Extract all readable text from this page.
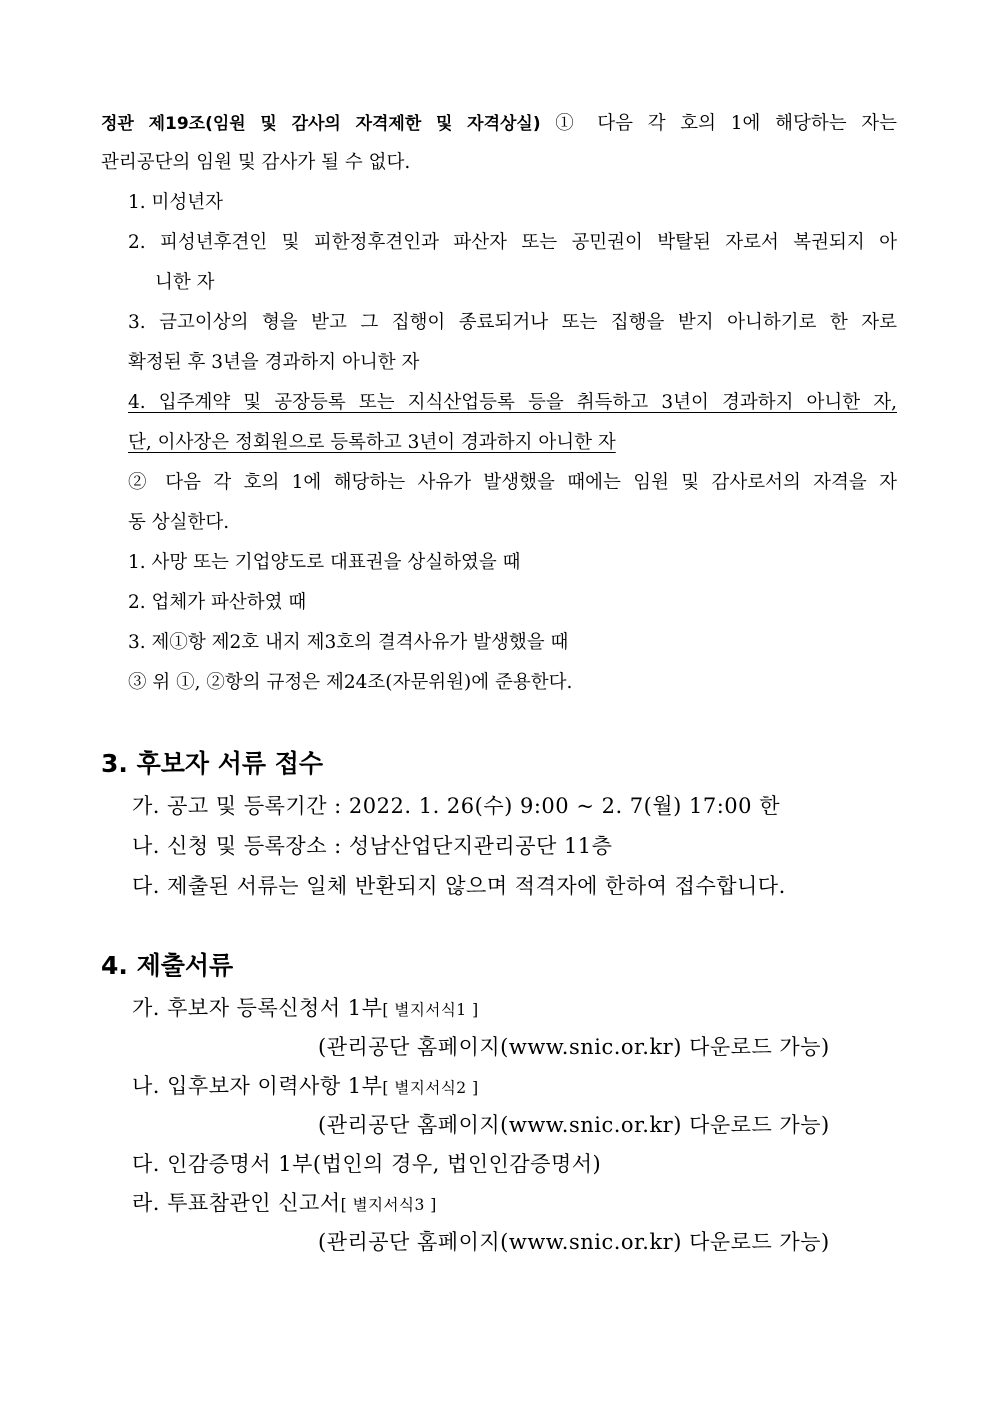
정관 제19조(임원 및 감사의 자격제한 및 자격상실) ① 다음 각 호의 1에 해당하는 자는
관리공단의 임원 및 감사가 될 수 없다.
1. 미성년자
2. 피성년후견인 및 피한정후견인과 파산자 또는 공민권이 박탈된 자로서 복권되지 아
니한 자
3. 금고이상의 형을 받고 그 집행이 종료되거나 또는 집행을 받지 아니하기로 한 자로
확정된 후 3년을 경과하지 아니한 자
4. 입주계약 및 공장등록 또는 지식산업등록 등을 취득하고 3년이 경과하지 아니한 자,
단, 이사장은 정회원으로 등록하고 3년이 경과하지 아니한 자
② 다음 각 호의 1에 해당하는 사유가 발생했을 때에는 임원 및 감사로서의 자격을 자
동 상실한다.
1. 사망 또는 기업양도로 대표권을 상실하였을 때
2. 업체가 파산하였 때
3. 제①항 제2호 내지 제3호의 결격사유가 발생했을 때
③ 위 ①, ②항의 규정은 제24조(자문위원)에 준용한다.
3. 후보자 서류 접수
가. 공고 및 등록기간 : 2022. 1. 26(수) 9:00 ~ 2. 7(월) 17:00 한
나. 신청 및 등록장소 : 성남산업단지관리공단 11층
다. 제출된 서류는 일체 반환되지 않으며 적격자에 한하여 접수합니다.
4. 제출서류
가. 후보자 등록신청서 1부[ 별지서식1 ]
(관리공단 홈페이지(www.snic.or.kr) 다운로드 가능)
나. 입후보자 이력사항 1부[ 별지서식2 ]
(관리공단 홈페이지(www.snic.or.kr) 다운로드 가능)
다. 인감증명서 1부(법인의 경우, 법인인감증명서)
라. 투표참관인 신고서[ 별지서식3 ]
(관리공단 홈페이지(www.snic.or.kr) 다운로드 가능)
